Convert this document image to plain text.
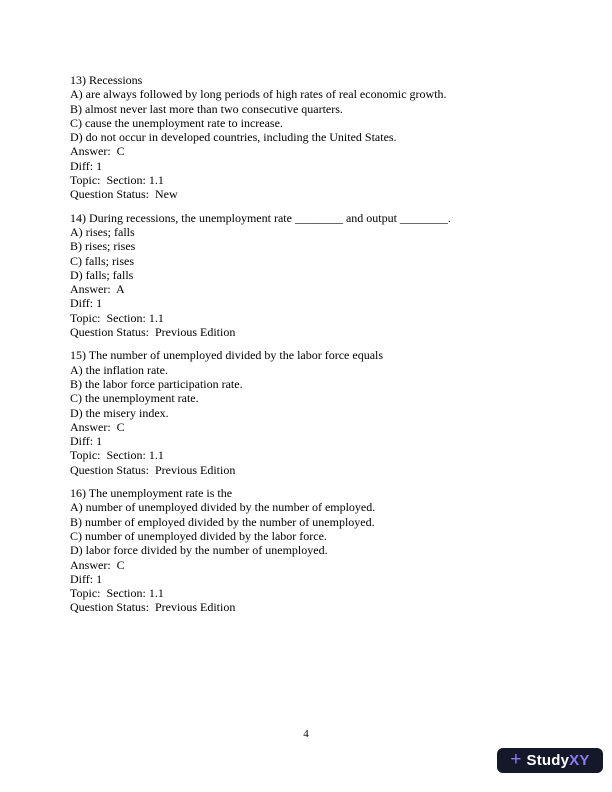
13) Recessions
A) are always followed by long periods of high rates of real economic growth.
B) almost never last more than two consecutive quarters.
C) cause the unemployment rate to increase.
D) do not occur in developed countries, including the United States.
Answer:  C
Diff: 1
Topic:  Section: 1.1
Question Status:  New
14) During recessions, the unemployment rate ________ and output ________.
A) rises; falls
B) rises; rises
C) falls; rises
D) falls; falls
Answer:  A
Diff: 1
Topic:  Section: 1.1
Question Status:  Previous Edition
15) The number of unemployed divided by the labor force equals
A) the inflation rate.
B) the labor force participation rate.
C) the unemployment rate.
D) the misery index.
Answer:  C
Diff: 1
Topic:  Section: 1.1
Question Status:  Previous Edition
16) The unemployment rate is the
A) number of unemployed divided by the number of employed.
B) number of employed divided by the number of unemployed.
C) number of unemployed divided by the labor force.
D) labor force divided by the number of unemployed.
Answer:  C
Diff: 1
Topic:  Section: 1.1
Question Status:  Previous Edition
4
+ StudyXY
